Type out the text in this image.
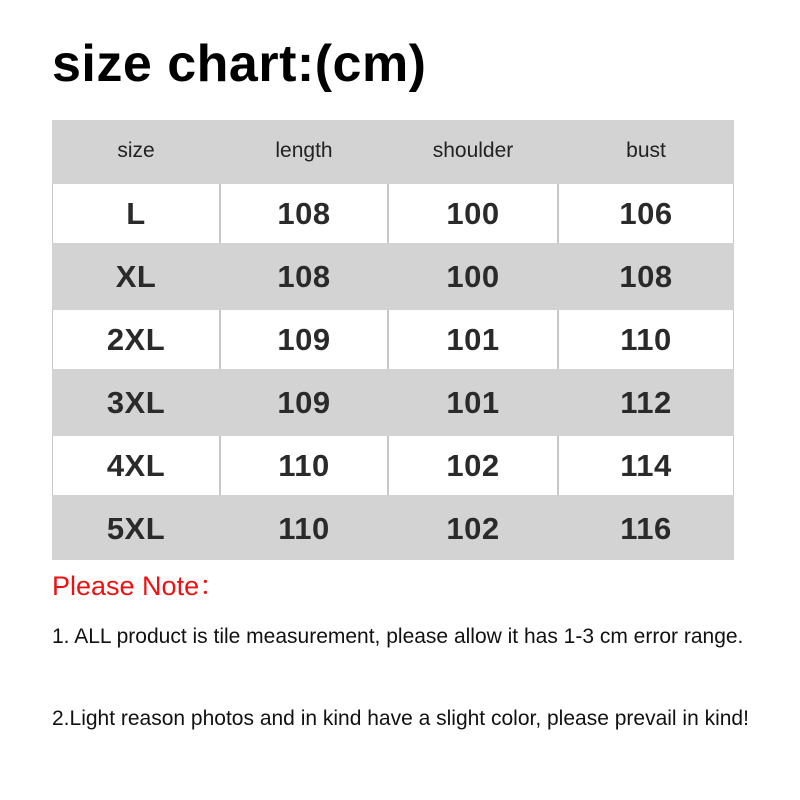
size chart:(cm)
size	length	shoulder	bust
L	108	100	106
XL	108	100	108
2XL	109	101	110
3XL	109	101	112
4XL	110	102	114
5XL	110	102	116
Please Note：

1. ALL product is tile measurement, please allow it has 1-3 cm error range.

2.Light reason photos and in kind have a slight color, please prevail in kind!
